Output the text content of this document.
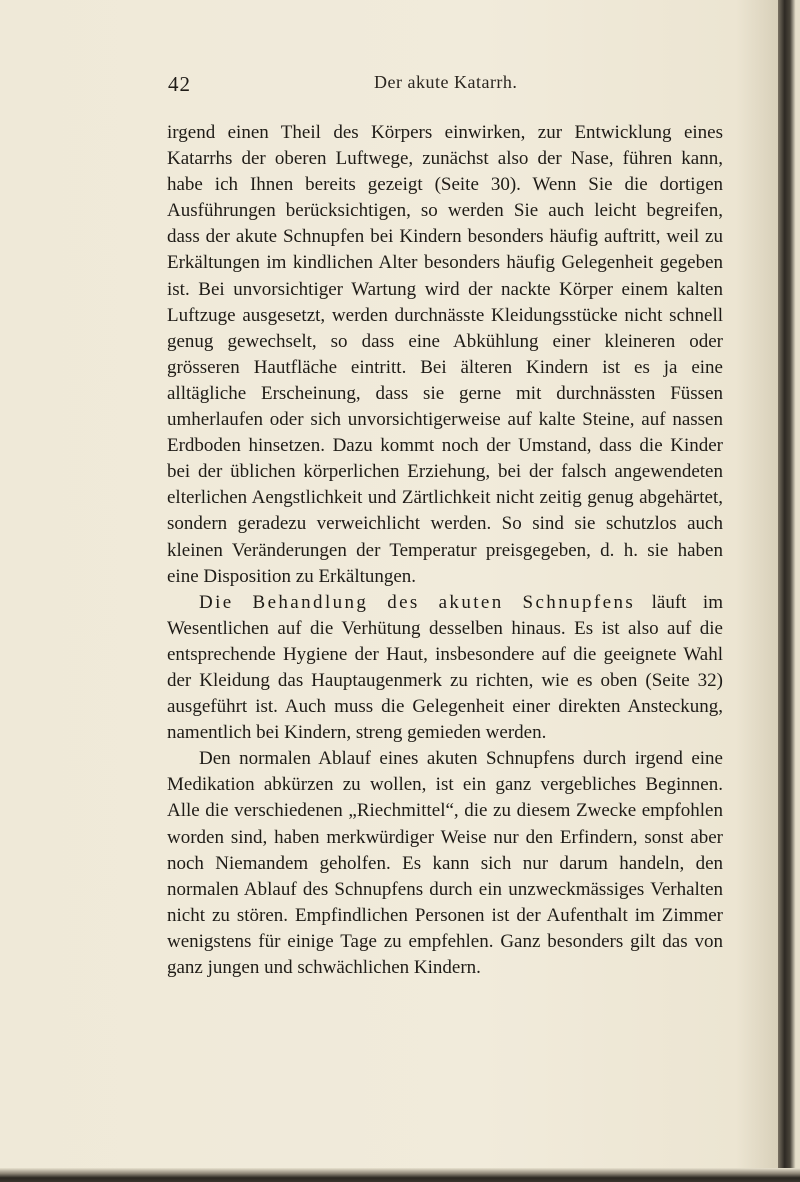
42	Der akute Katarrh.

irgend einen Theil des Körpers einwirken, zur Entwicklung eines Katarrhs der oberen Luftwege, zunächst also der Nase, führen kann, habe ich Ihnen bereits gezeigt (Seite 30). Wenn Sie die dortigen Ausführungen berücksichtigen, so werden Sie auch leicht begreifen, dass der akute Schnupfen bei Kindern besonders häufig auftritt, weil zu Erkältungen im kindlichen Alter besonders häufig Gelegenheit gegeben ist. Bei unvorsichtiger Wartung wird der nackte Körper einem kalten Luftzuge ausgesetzt, werden durchnässte Kleidungsstücke nicht schnell genug gewechselt, so dass eine Abkühlung einer kleineren oder grösseren Hautfläche eintritt. Bei älteren Kindern ist es ja eine alltägliche Erscheinung, dass sie gerne mit durchnässten Füssen umherlaufen oder sich unvorsichtigerweise auf kalte Steine, auf nassen Erdboden hinsetzen. Dazu kommt noch der Umstand, dass die Kinder bei der üblichen körperlichen Erziehung, bei der falsch angewendeten elterlichen Aengstlichkeit und Zärtlichkeit nicht zeitig genug abgehärtet, sondern geradezu verweichlicht werden. So sind sie schutzlos auch kleinen Veränderungen der Temperatur preisgegeben, d. h. sie haben eine Disposition zu Erkältungen.

Die Behandlung des akuten Schnupfens läuft im Wesentlichen auf die Verhütung desselben hinaus. Es ist also auf die entsprechende Hygiene der Haut, insbesondere auf die geeignete Wahl der Kleidung das Hauptaugenmerk zu richten, wie es oben (Seite 32) ausgeführt ist. Auch muss die Gelegenheit einer direkten Ansteckung, namentlich bei Kindern, streng gemieden werden.

Den normalen Ablauf eines akuten Schnupfens durch irgend eine Medikation abkürzen zu wollen, ist ein ganz vergebliches Beginnen. Alle die verschiedenen „Riechmittel“, die zu diesem Zwecke empfohlen worden sind, haben merkwürdiger Weise nur den Erfindern, sonst aber noch Niemandem geholfen. Es kann sich nur darum handeln, den normalen Ablauf des Schnupfens durch ein unzweckmässiges Verhalten nicht zu stören. Empfindlichen Personen ist der Aufenthalt im Zimmer wenigstens für einige Tage zu empfehlen. Ganz besonders gilt das von ganz jungen und schwächlichen Kindern.
